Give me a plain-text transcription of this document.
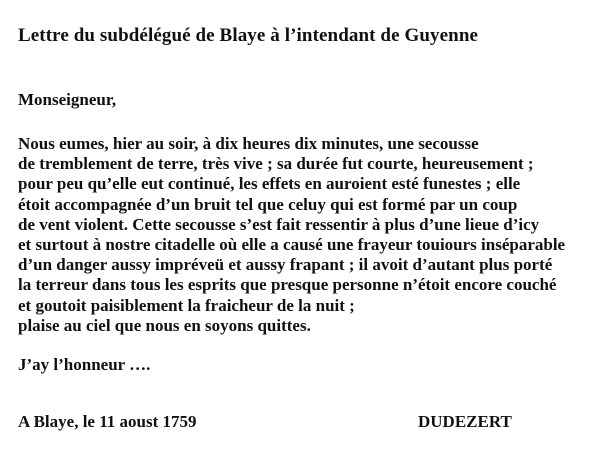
Lettre du subdélégué de Blaye à l’intendant de Guyenne

Monseigneur,

Nous eumes, hier au soir, à dix heures dix minutes, une secousse
de tremblement de terre, très vive ; sa durée fut courte, heureusement ;
pour peu qu’elle eut continué, les effets en auroient esté funestes ; elle
étoit accompagnée d’un bruit tel que celuy qui est formé par un coup
de vent violent. Cette secousse s’est fait ressentir à plus d’une lieue d’icy
et surtout à nostre citadelle où elle a causé une frayeur touiours inséparable
d’un danger aussy impréveü et aussy frapant ; il avoit d’autant plus porté
la terreur dans tous les esprits que presque personne n’étoit encore couché
et goutoit paisiblement la fraicheur de la nuit ;
plaise au ciel que nous en soyons quittes.

J’ay l’honneur ….

A Blaye, le 11 aoust 1759	DUDEZERT
